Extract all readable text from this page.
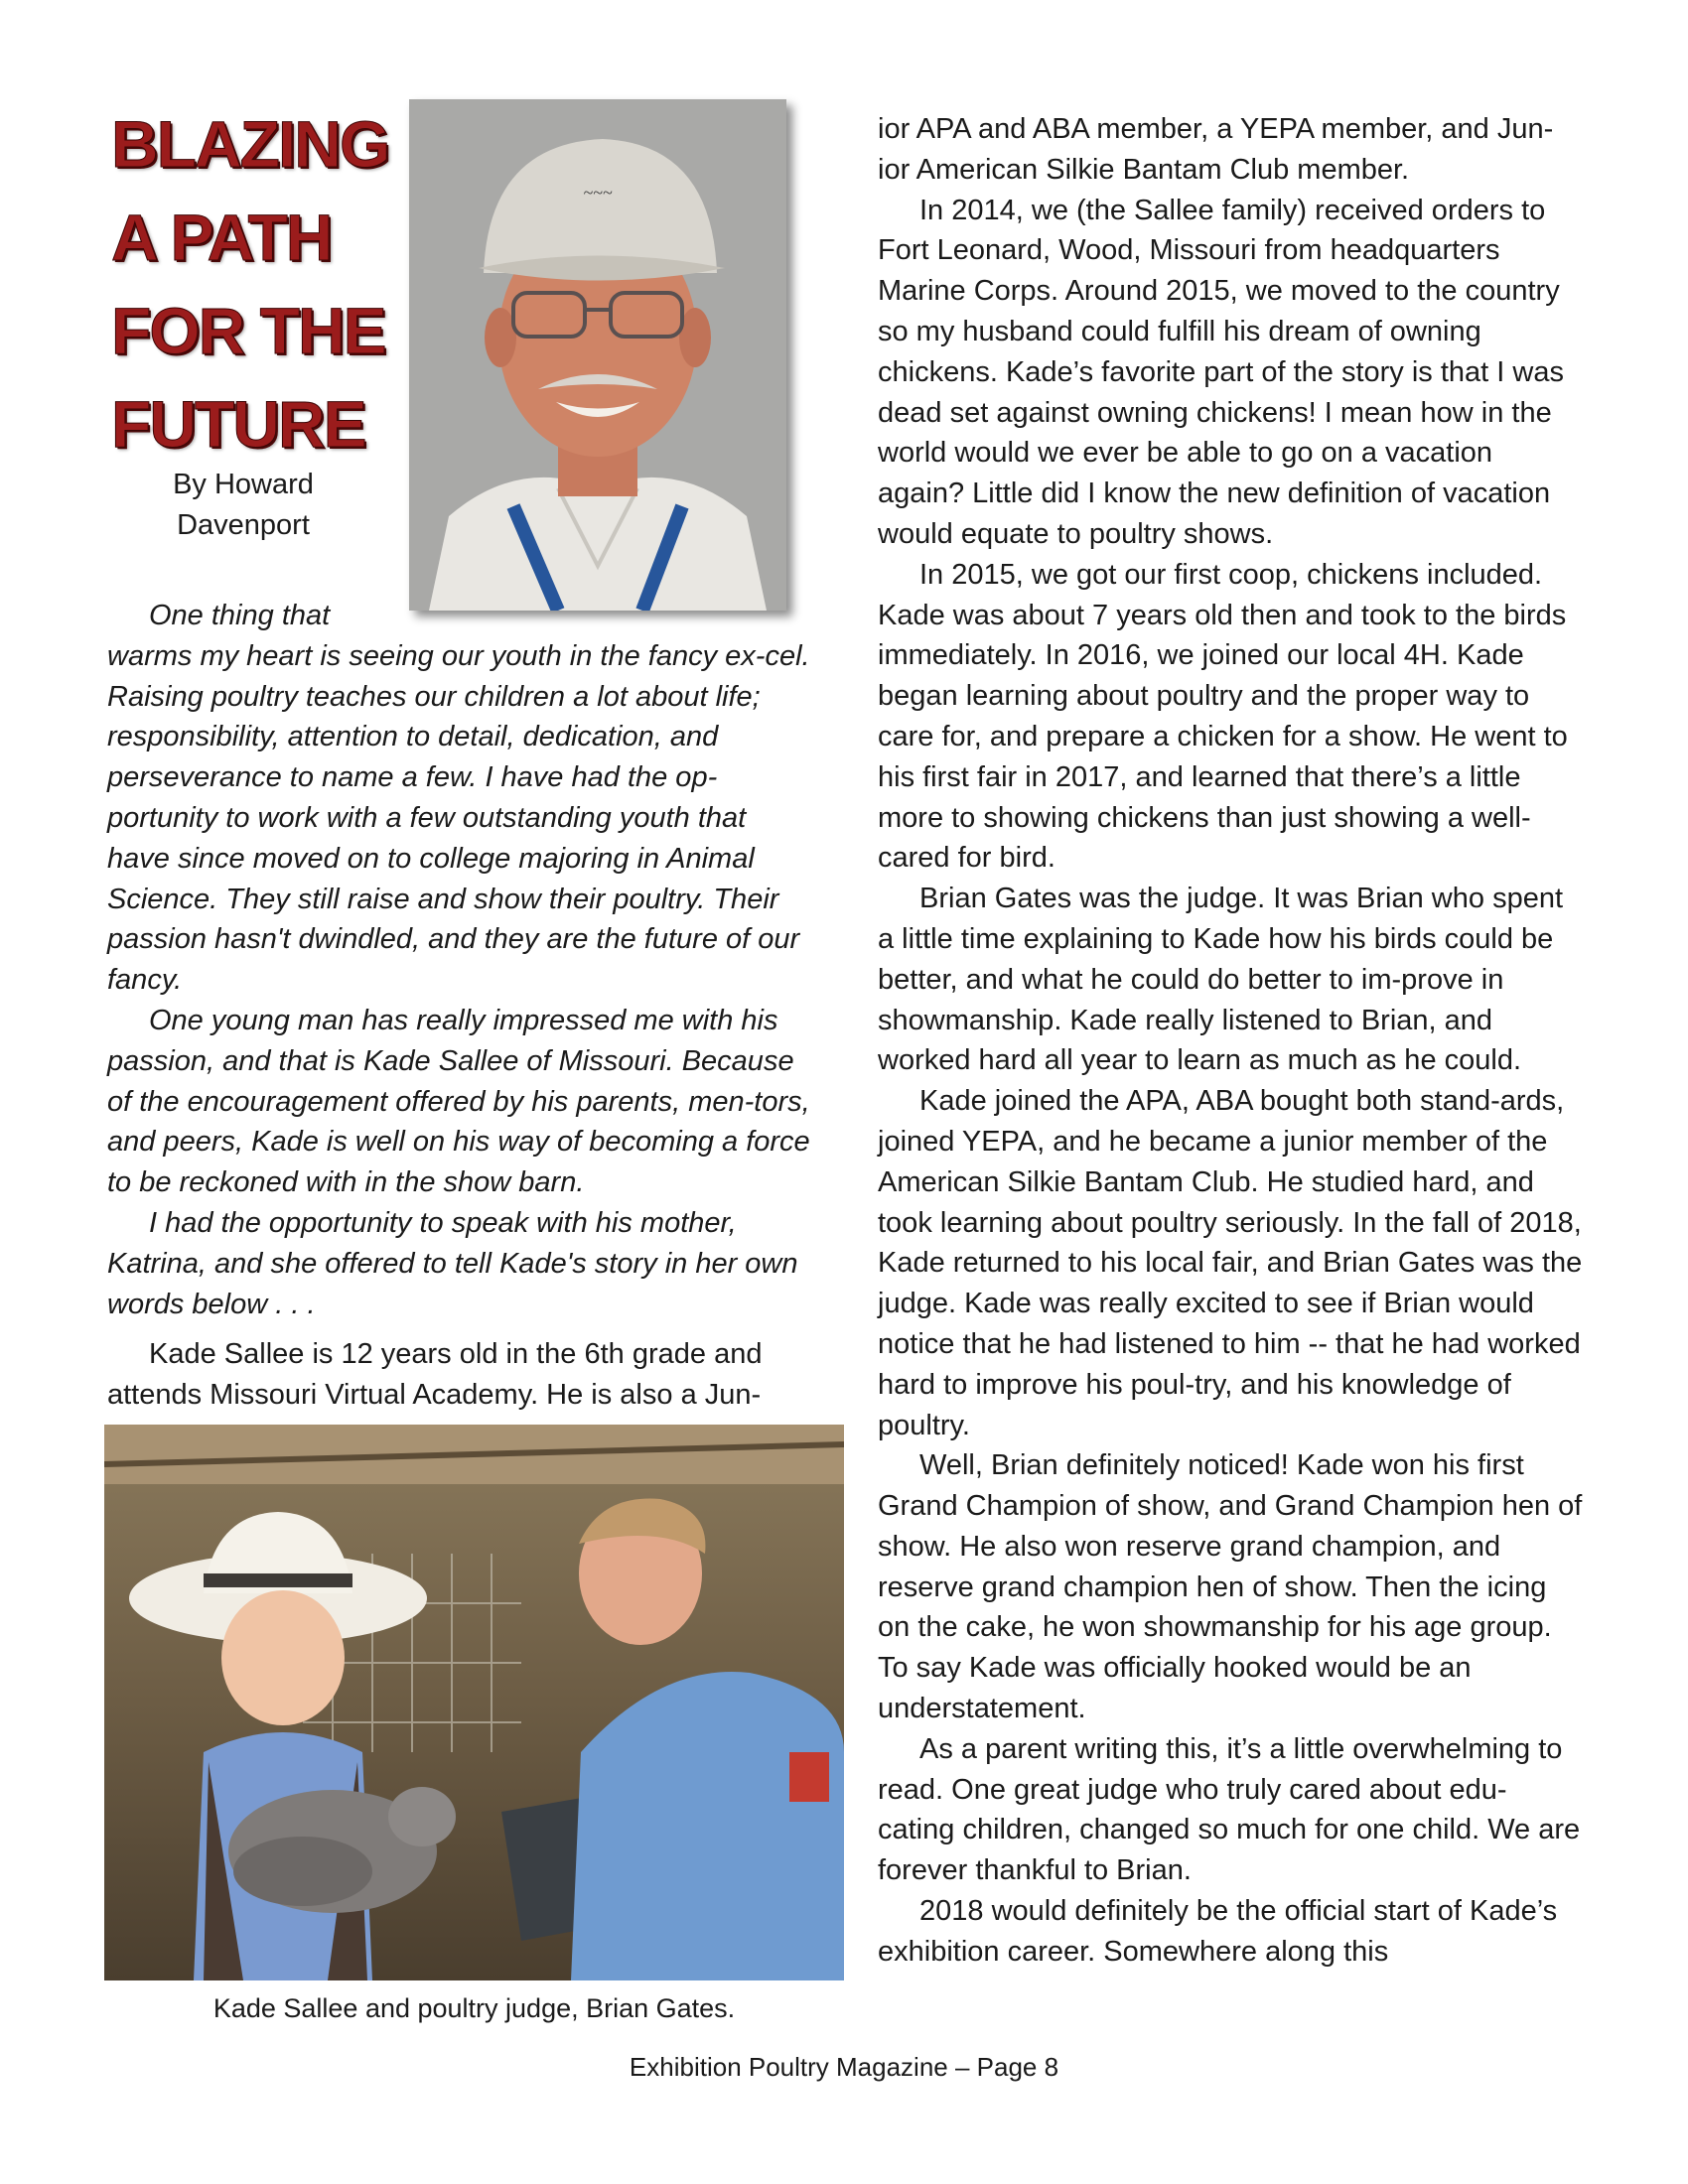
BLAZING
A PATH
FOR THE
FUTURE
By Howard
Davenport
~~~

One thing that

warms my heart is seeing our youth in the fancy ex-cel. Raising poultry teaches our children a lot about life; responsibility, attention to detail, dedication, and perseverance to name a few. I have had the op-portunity to work with a few outstanding youth that have since moved on to college majoring in Animal Science. They still raise and show their poultry. Their passion hasn't dwindled, and they are the future of our fancy.

One young man has really impressed me with his passion, and that is Kade Sallee of Missouri. Because of the encouragement offered by his parents, men-tors, and peers, Kade is well on his way of becoming a force to be reckoned with in the show barn.

I had the opportunity to speak with his mother, Katrina, and she offered to tell Kade's story in her own words below . . .

Kade Sallee is 12 years old in the 6th grade and attends Missouri Virtual Academy. He is also a Jun-

Kade Sallee and poultry judge, Brian Gates.

ior APA and ABA member, a YEPA member, and Jun-ior American Silkie Bantam Club member.

In 2014, we (the Sallee family) received orders to Fort Leonard, Wood, Missouri from headquarters Marine Corps. Around 2015, we moved to the country so my husband could fulfill his dream of owning chickens. Kade’s favorite part of the story is that I was dead set against owning chickens! I mean how in the world would we ever be able to go on a vacation again? Little did I know the new definition of vacation would equate to poultry shows.

In 2015, we got our first coop, chickens included. Kade was about 7 years old then and took to the birds immediately. In 2016, we joined our local 4H. Kade began learning about poultry and the proper way to care for, and prepare a chicken for a show. He went to his first fair in 2017, and learned that there’s a little more to showing chickens than just showing a well-cared for bird.

Brian Gates was the judge. It was Brian who spent a little time explaining to Kade how his birds could be better, and what he could do better to im-prove in showmanship. Kade really listened to Brian, and worked hard all year to learn as much as he could.

Kade joined the APA, ABA bought both stand-ards, joined YEPA, and he became a junior member of the American Silkie Bantam Club. He studied hard, and took learning about poultry seriously. In the fall of 2018, Kade returned to his local fair, and Brian Gates was the judge. Kade was really excited to see if Brian would notice that he had listened to him -- that he had worked hard to improve his poul-try, and his knowledge of poultry.

Well, Brian definitely noticed! Kade won his first Grand Champion of show, and Grand Champion hen of show. He also won reserve grand champion, and reserve grand champion hen of show. Then the icing on the cake, he won showmanship for his age group. To say Kade was officially hooked would be an understatement.

As a parent writing this, it’s a little overwhelming to read. One great judge who truly cared about edu-cating children, changed so much for one child. We are forever thankful to Brian.

2018 would definitely be the official start of Kade’s exhibition career. Somewhere along this

Exhibition Poultry Magazine – Page 8
